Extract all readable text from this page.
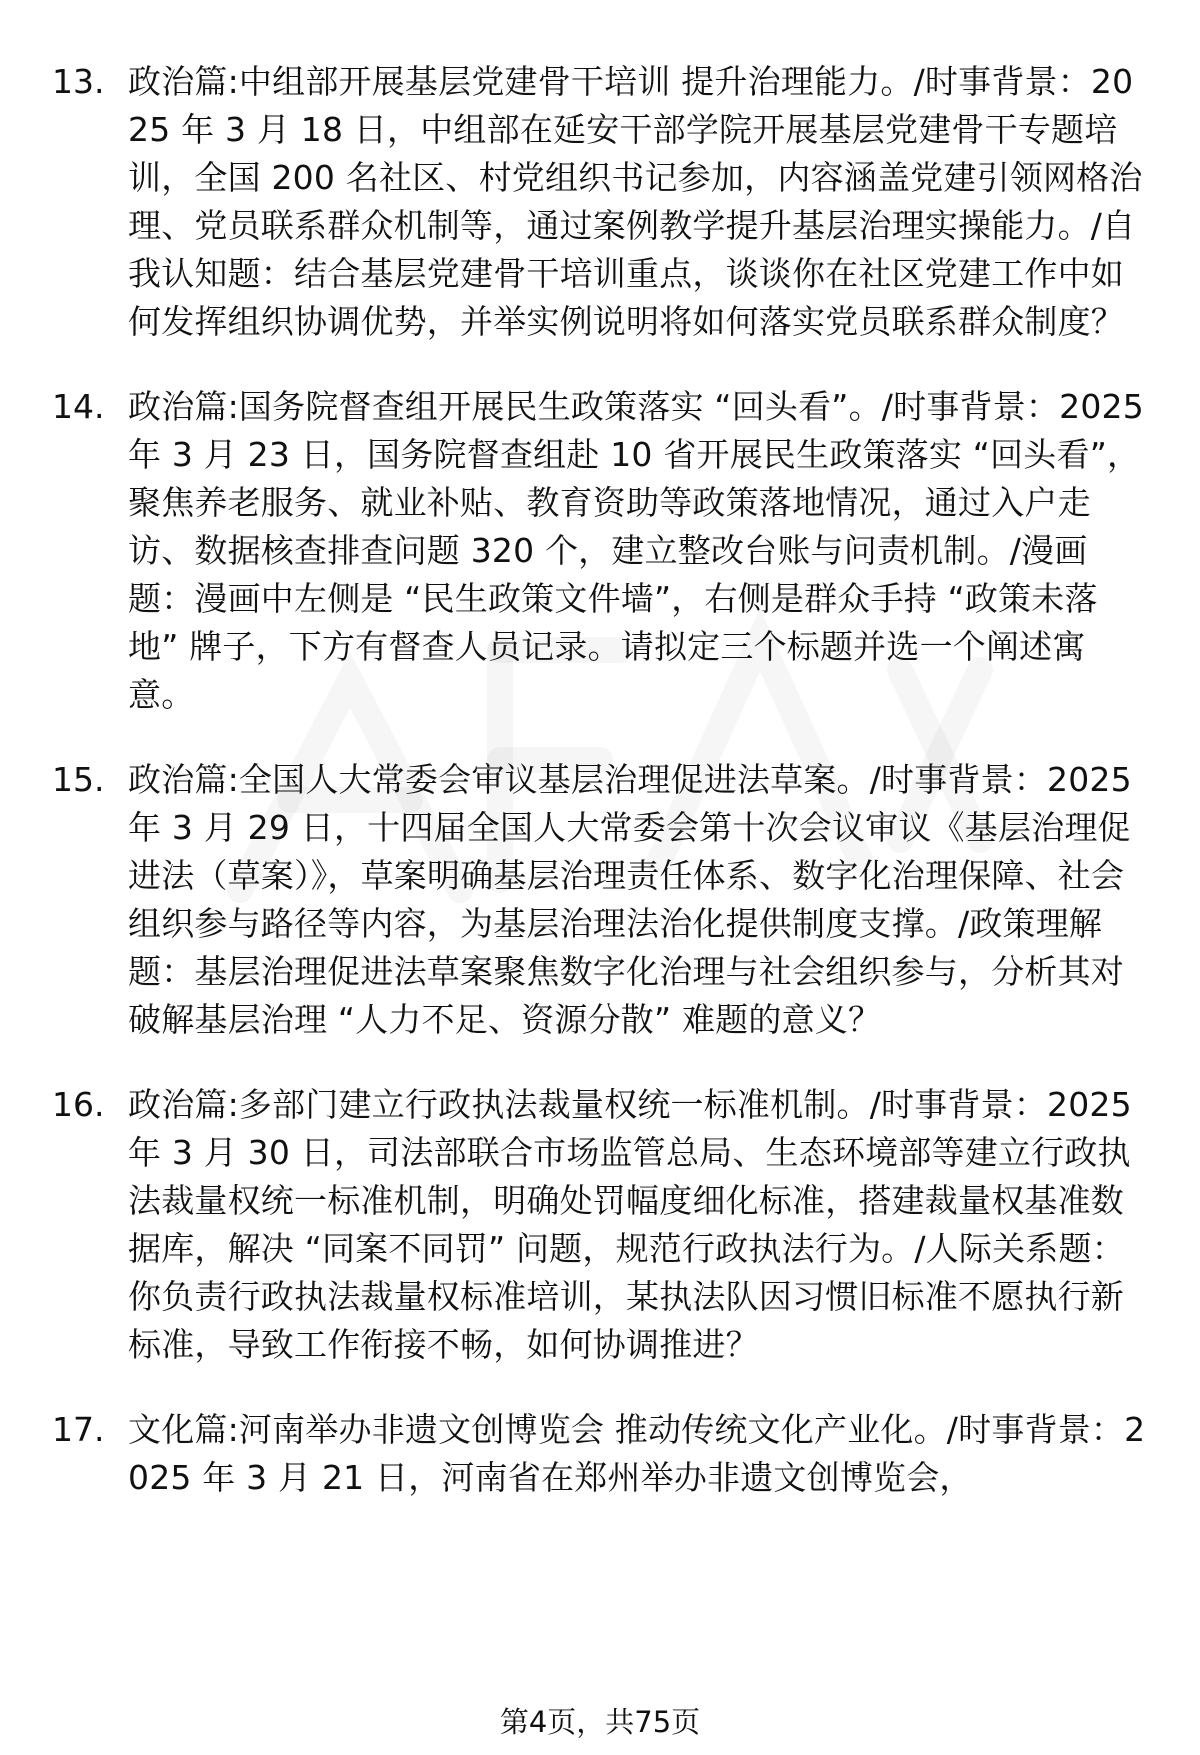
13. 政治篇:中组部开展基层党建骨干培训 提升治理能力。/时事背景：2025 年 3 月 18 日，中组部在延安干部学院开展基层党建骨干专题培训，全国 200 名社区、村党组织书记参加，内容涵盖党建引领网格治理、党员联系群众机制等，通过案例教学提升基层治理实操能力。/自我认知题：结合基层党建骨干培训重点，谈谈你在社区党建工作中如何发挥组织协调优势，并举实例说明将如何落实党员联系群众制度？
14. 政治篇:国务院督查组开展民生政策落实 “回头看”。/时事背景：2025 年 3 月 23 日，国务院督查组赴 10 省开展民生政策落实 “回头看”，聚焦养老服务、就业补贴、教育资助等政策落地情况，通过入户走访、数据核查排查问题 320 个，建立整改台账与问责机制。/漫画题：漫画中左侧是 “民生政策文件墙”，右侧是群众手持 “政策未落地” 牌子，下方有督查人员记录。请拟定三个标题并选一个阐述寓意。
15. 政治篇:全国人大常委会审议基层治理促进法草案。/时事背景：2025 年 3 月 29 日，十四届全国人大常委会第十次会议审议《基层治理促进法（草案）》，草案明确基层治理责任体系、数字化治理保障、社会组织参与路径等内容，为基层治理法治化提供制度支撑。/政策理解题：基层治理促进法草案聚焦数字化治理与社会组织参与，分析其对破解基层治理 “人力不足、资源分散” 难题的意义？
16. 政治篇:多部门建立行政执法裁量权统一标准机制。/时事背景：2025 年 3 月 30 日，司法部联合市场监管总局、生态环境部等建立行政执法裁量权统一标准机制，明确处罚幅度细化标准，搭建裁量权基准数据库，解决 “同案不同罚” 问题，规范行政执法行为。/人际关系题：你负责行政执法裁量权标准培训，某执法队因习惯旧标准不愿执行新标准，导致工作衔接不畅，如何协调推进？
17. 文化篇:河南举办非遗文创博览会 推动传统文化产业化。/时事背景：2025 年 3 月 21 日，河南省在郑州举办非遗文创博览会，
第4页，共75页
